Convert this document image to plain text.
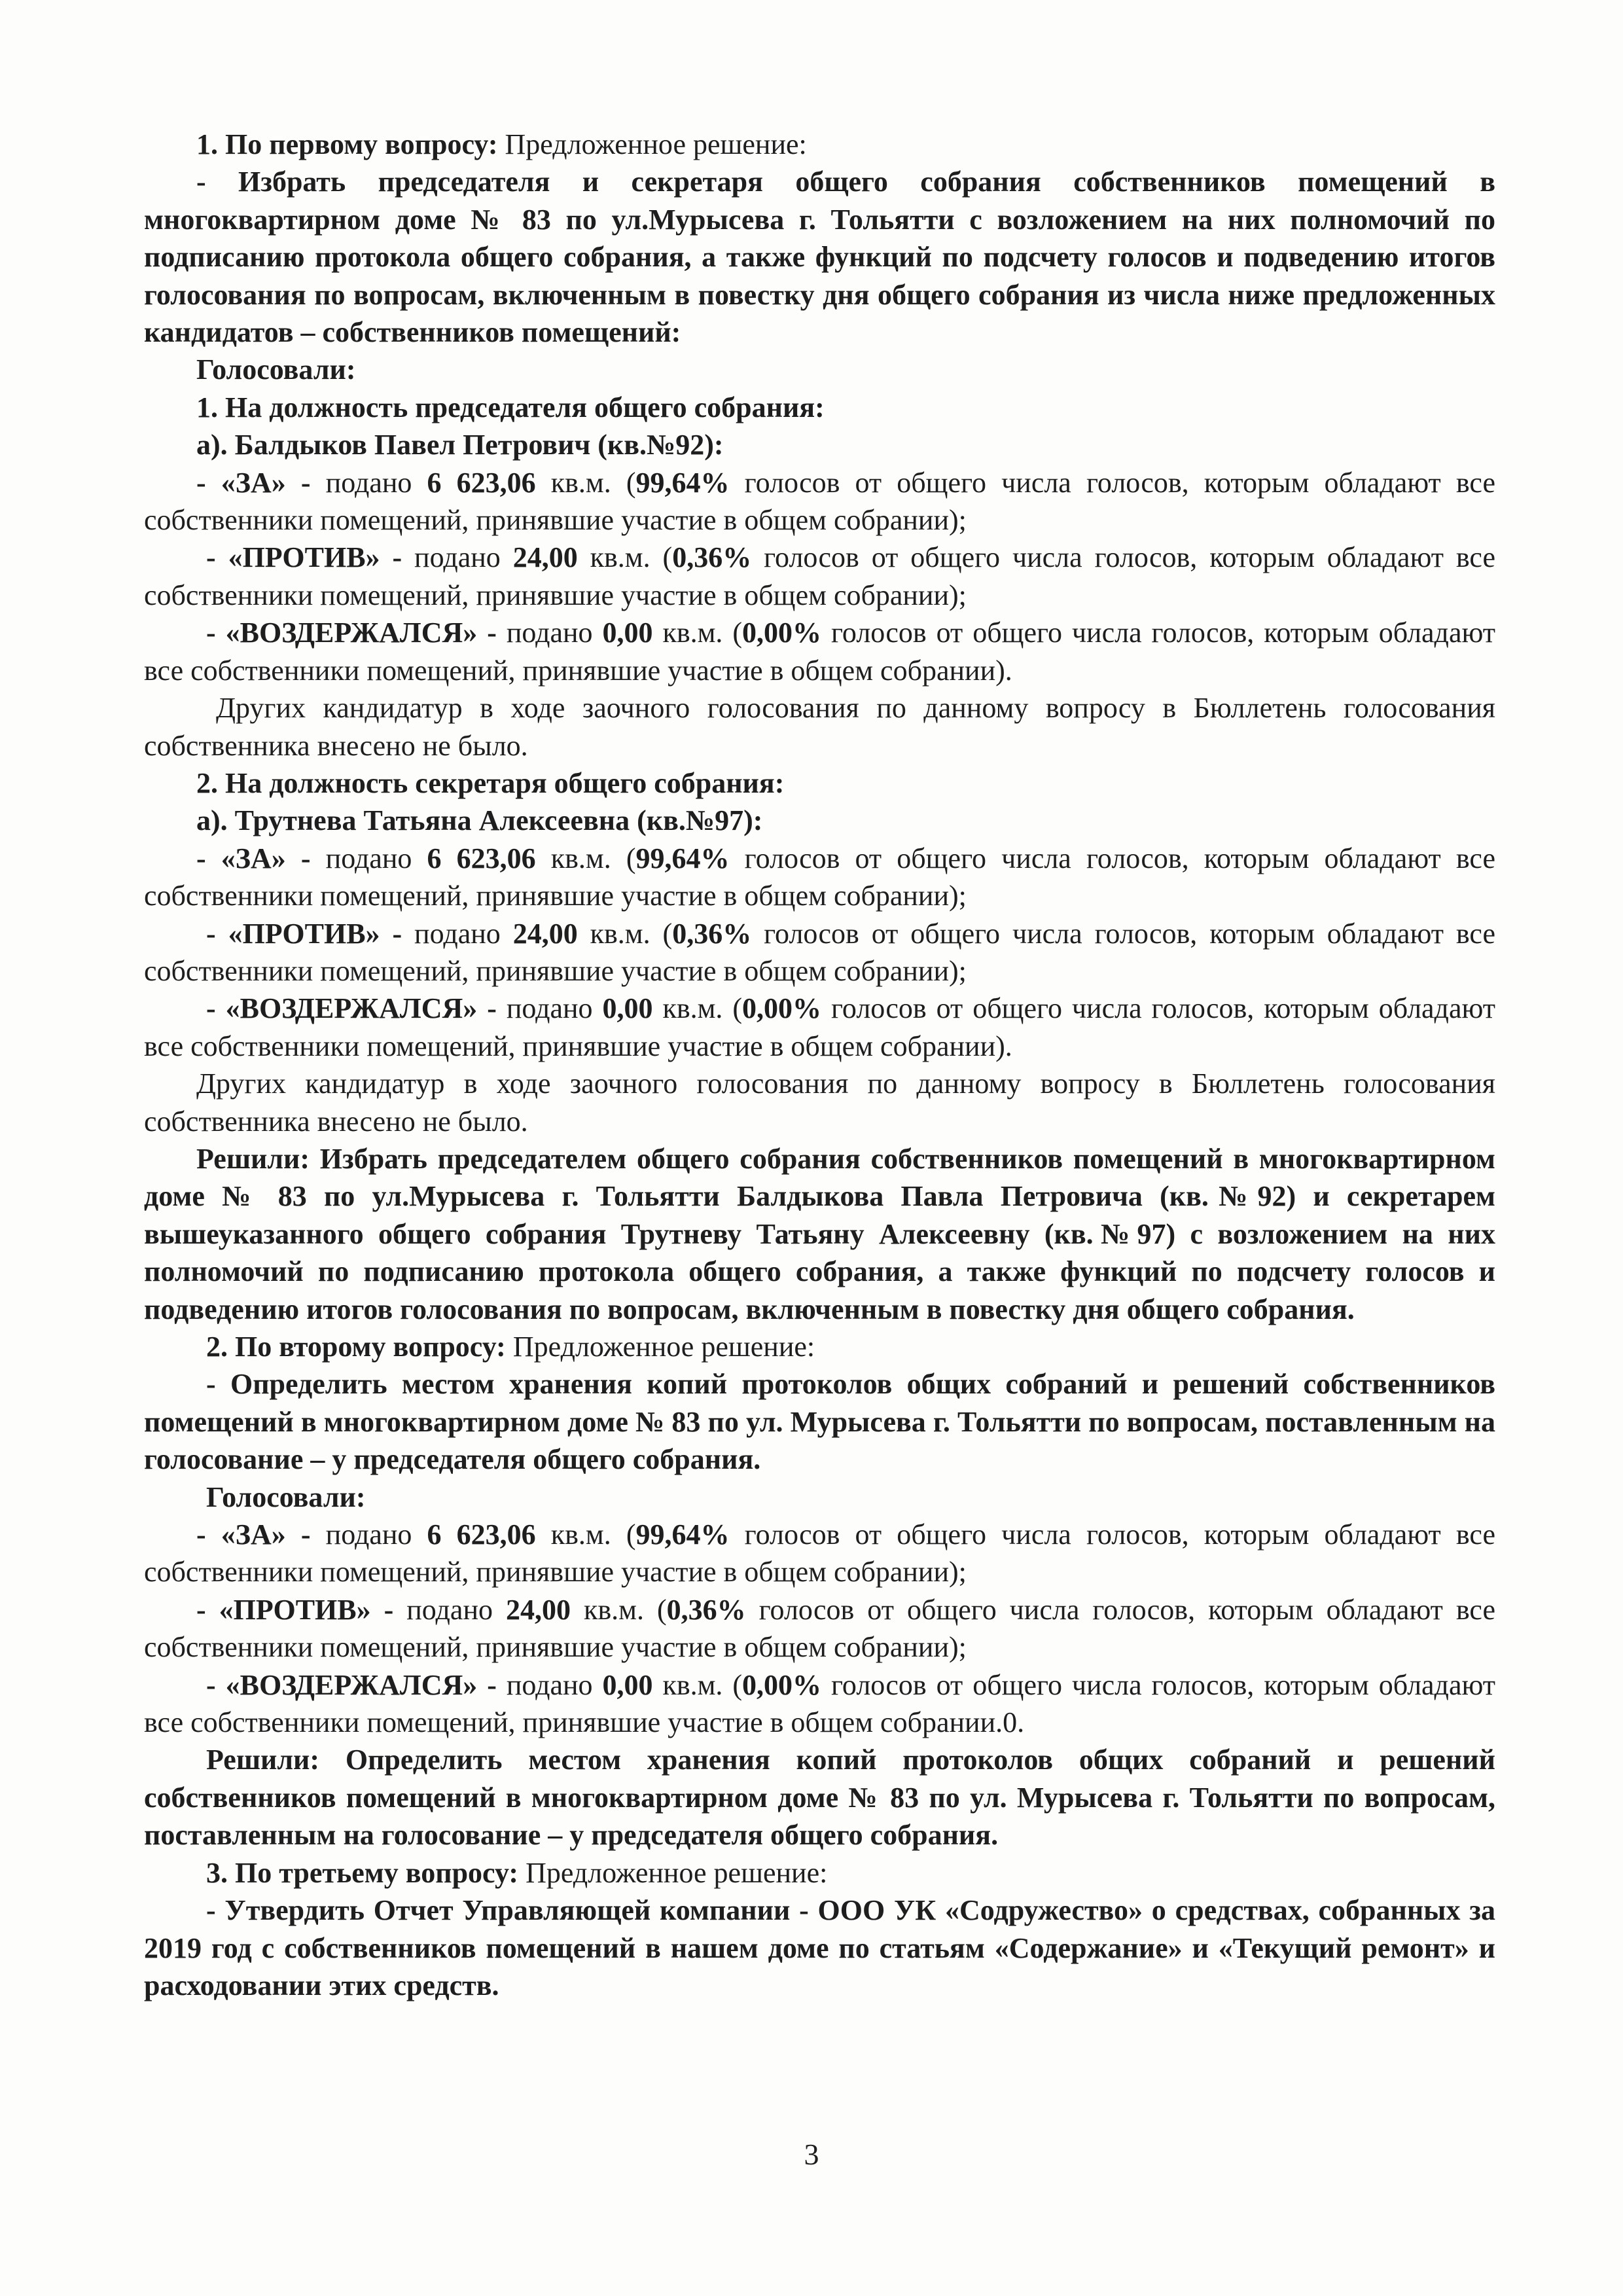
1. По первому вопросу: Предложенное решение:

- Избрать председателя и секретаря общего собрания собственников помещений в многоквартирном доме № 83 по ул.Мурысева г. Тольятти с возложением на них полномочий по подписанию протокола общего собрания, а также функций по подсчету голосов и подведению итогов голосования по вопросам, включенным в повестку дня общего собрания из числа ниже предложенных кандидатов – собственников помещений:

Голосовали:

1. На должность председателя общего собрания:

а). Балдыков Павел Петрович (кв.№92):

- «ЗА» - подано 6 623,06 кв.м. (99,64% голосов от общего числа голосов, которым обладают все собственники помещений, принявшие участие в общем собрании);

- «ПРОТИВ» - подано 24,00 кв.м. (0,36% голосов от общего числа голосов, которым обладают все собственники помещений, принявшие участие в общем собрании);

- «ВОЗДЕРЖАЛСЯ» - подано 0,00 кв.м. (0,00% голосов от общего числа голосов, которым обладают все собственники помещений, принявшие участие в общем собрании).

Других кандидатур в ходе заочного голосования по данному вопросу в Бюллетень голосования собственника внесено не было.

2. На должность секретаря общего собрания:

а). Трутнева Татьяна Алексеевна (кв.№97):

- «ЗА» - подано 6 623,06 кв.м. (99,64% голосов от общего числа голосов, которым обладают все собственники помещений, принявшие участие в общем собрании);

- «ПРОТИВ» - подано 24,00 кв.м. (0,36% голосов от общего числа голосов, которым обладают все собственники помещений, принявшие участие в общем собрании);

- «ВОЗДЕРЖАЛСЯ» - подано 0,00 кв.м. (0,00% голосов от общего числа голосов, которым обладают все собственники помещений, принявшие участие в общем собрании).

Других кандидатур в ходе заочного голосования по данному вопросу в Бюллетень голосования собственника внесено не было.

Решили: Избрать председателем общего собрания собственников помещений в многоквартирном доме № 83 по ул.Мурысева г. Тольятти Балдыкова Павла Петровича (кв.№92) и секретарем вышеуказанного общего собрания Трутневу Татьяну Алексеевну (кв.№97) с возложением на них полномочий по подписанию протокола общего собрания, а также функций по подсчету голосов и подведению итогов голосования по вопросам, включенным в повестку дня общего собрания.

2. По второму вопросу: Предложенное решение:

- Определить местом хранения копий протоколов общих собраний и решений собственников помещений в многоквартирном доме № 83 по ул. Мурысева г. Тольятти по вопросам, поставленным на голосование – у председателя общего собрания.

Голосовали:

- «ЗА» - подано 6 623,06 кв.м. (99,64% голосов от общего числа голосов, которым обладают все собственники помещений, принявшие участие в общем собрании);

- «ПРОТИВ» - подано 24,00 кв.м. (0,36% голосов от общего числа голосов, которым обладают все собственники помещений, принявшие участие в общем собрании);

- «ВОЗДЕРЖАЛСЯ» - подано 0,00 кв.м. (0,00% голосов от общего числа голосов, которым обладают все собственники помещений, принявшие участие в общем собрании.0.

Решили: Определить местом хранения копий протоколов общих собраний и решений собственников помещений в многоквартирном доме № 83 по ул. Мурысева г. Тольятти по вопросам, поставленным на голосование – у председателя общего собрания.

3. По третьему вопросу: Предложенное решение:

- Утвердить Отчет Управляющей компании - ООО УК «Содружество» о средствах, собранных за 2019 год с собственников помещений в нашем доме по статьям «Содержание» и «Текущий ремонт» и расходовании этих средств.

3
